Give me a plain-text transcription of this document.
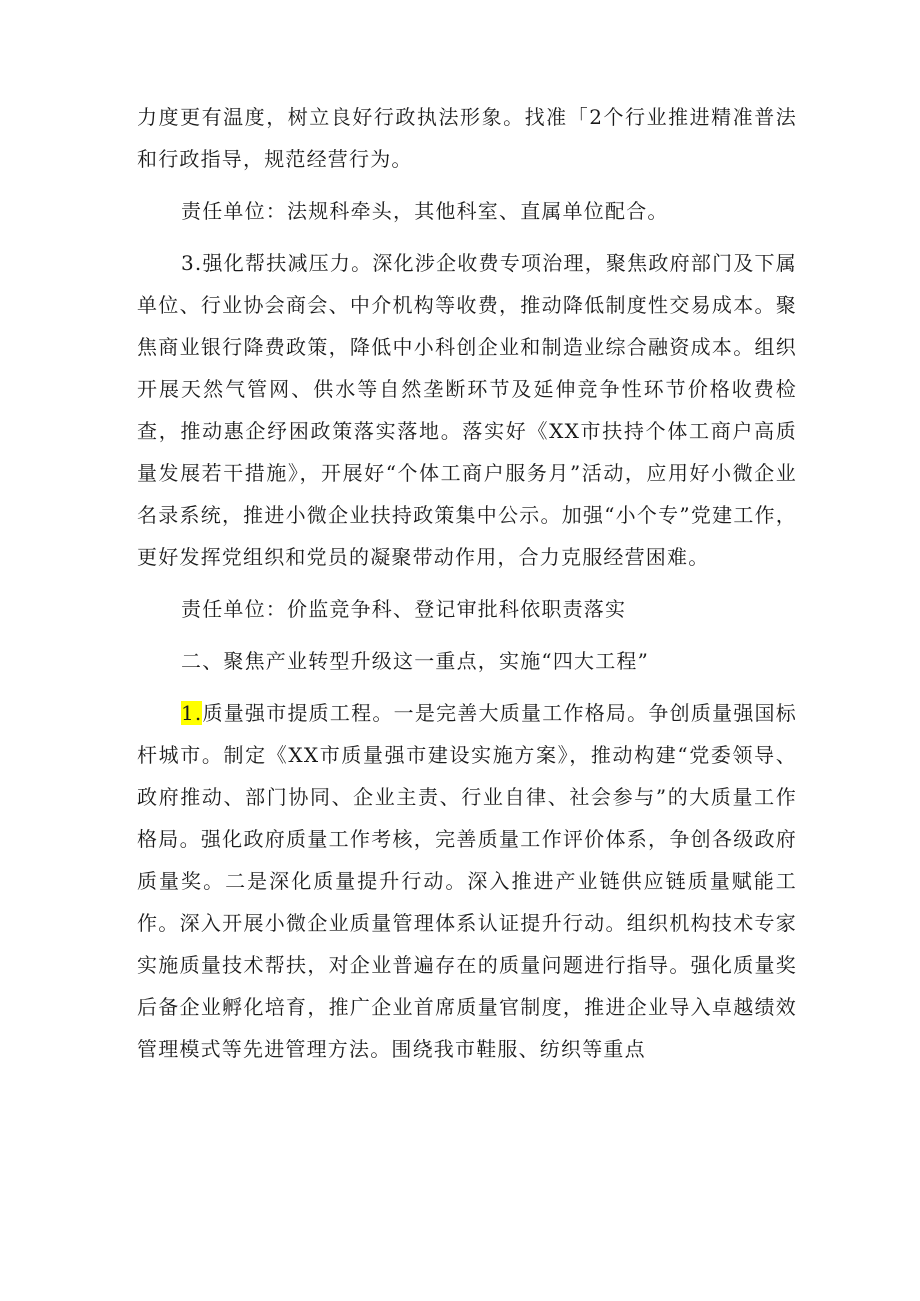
力度更有温度，树立良好行政执法形象。找准「2个行业推进精准普法和行政指导，规范经营行为。

责任单位：法规科牵头，其他科室、直属单位配合。

3.强化帮扶减压力。深化涉企收费专项治理，聚焦政府部门及下属单位、行业协会商会、中介机构等收费，推动降低制度性交易成本。聚焦商业银行降费政策，降低中小科创企业和制造业综合融资成本。组织开展天然气管网、供水等自然垄断环节及延伸竞争性环节价格收费检查，推动惠企纾困政策落实落地。落实好《XX市扶持个体工商户高质量发展若干措施》，开展好“个体工商户服务月”活动，应用好小微企业名录系统，推进小微企业扶持政策集中公示。加强“小个专”党建工作，更好发挥党组织和党员的凝聚带动作用，合力克服经营困难。

责任单位：价监竞争科、登记审批科依职责落实

二、聚焦产业转型升级这一重点，实施“四大工程”

1.质量强市提质工程。一是完善大质量工作格局。争创质量强国标杆城市。制定《XX市质量强市建设实施方案》，推动构建“党委领导、政府推动、部门协同、企业主责、行业自律、社会参与”的大质量工作格局。强化政府质量工作考核，完善质量工作评价体系，争创各级政府质量奖。二是深化质量提升行动。深入推进产业链供应链质量赋能工作。深入开展小微企业质量管理体系认证提升行动。组织机构技术专家实施质量技术帮扶，对企业普遍存在的质量问题进行指导。强化质量奖后备企业孵化培育，推广企业首席质量官制度，推进企业导入卓越绩效管理模式等先进管理方法。围绕我市鞋服、纺织等重点
